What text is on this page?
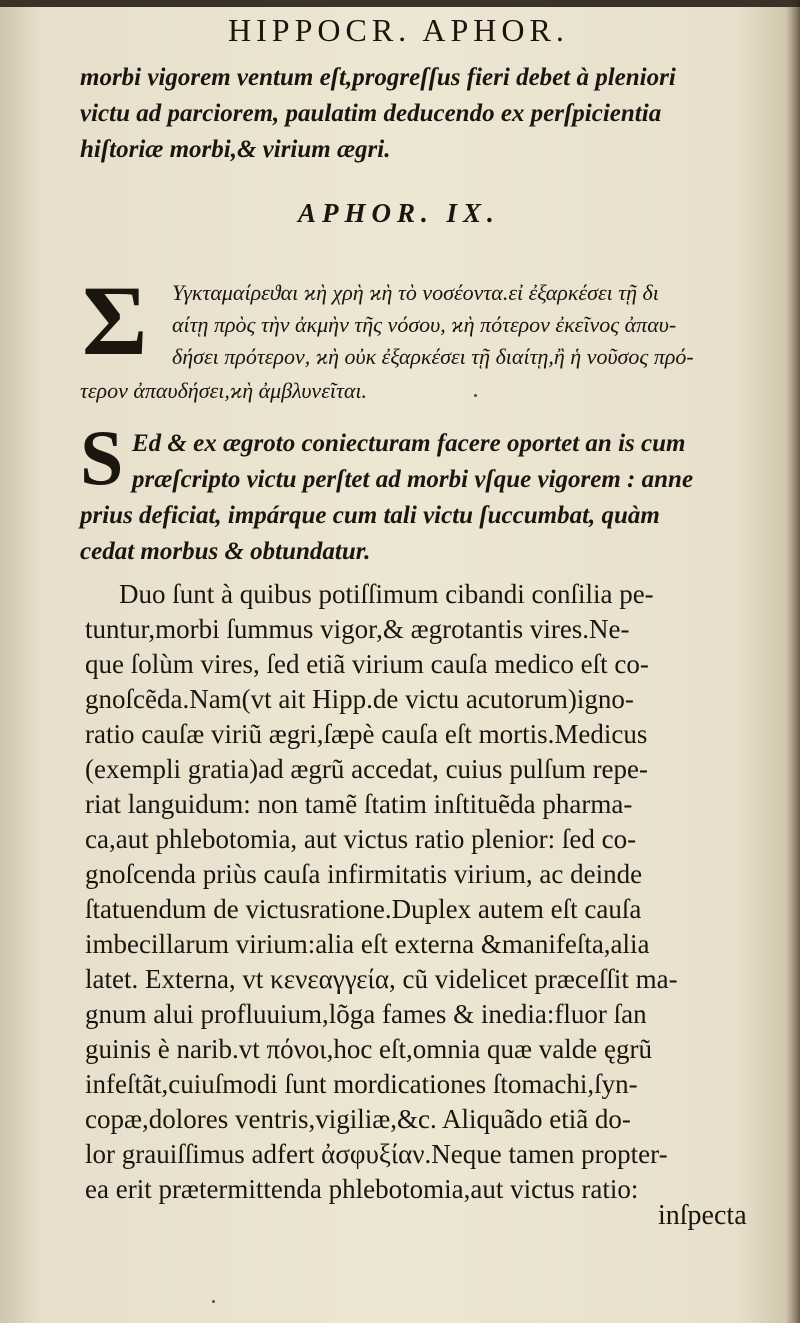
HIPPOCR. APHOR.
morbi vigorem ventum eſt,progreſſus fieri debet à pleniori
victu ad parciorem, paulatim deducendo ex perſpicientia
hiſtoriæ morbi,& virium ægri.
APHOR. IX.
Σ Υγκταμαίρεϑαι ϰὴ χρὴ ϰὴ τὸ νοσέοντα.εἰ ἐξαρκέσει τῇ δι
αίτῃ πρὸς τὴν ἀκμὴν τῆς νόσου, ϰὴ πότερον ἐκεῖνος ἀπαυ-
δήσει πρότερον, ϰὴ οὐκ ἐξαρκέσει τῇ διαίτῃ,ἢ ἡ νοῦσος πρό-
τερον ἀπαυδήσει,ϰὴ ἀμβλυνεῖται.
S Ed & ex ægroto coniecturam facere oportet an is cum
præſcripto victu perſtet ad morbi vſque vigorem : anne
prius deficiat, impárque cum tali victu ſuccumbat, quàm
cedat morbus & obtundatur.
Duo ſunt à quibus potiſſimum cibandi conſilia pe-
tuntur,morbi ſummus vigor,& ægrotantis vires.Ne-
que ſolùm vires, ſed etiã virium cauſa medico eſt co-
gnoſcẽda.Nam(vt ait Hipp.de victu acutorum)igno-
ratio cauſæ viriũ ægri,ſæpè cauſa eſt mortis.Medicus
(exempli gratia)ad ægrũ accedat, cuius pulſum repe-
riat languidum: non tamẽ ſtatim inſtituẽda pharma-
ca,aut phlebotomia, aut victus ratio plenior: ſed co-
gnoſcenda priùs cauſa infirmitatis virium, ac deinde
ſtatuendum de victusratione.Duplex autem eſt cauſa
imbecillarum virium:alia eſt externa &manifeſta,alia
latet. Externa, vt κενεαγγεία, cũ videlicet præceſſit ma-
gnum alui profluuium,lõga fames & inedia:fluor ſan
guinis è narib.vt πόνοι,hoc eſt,omnia quæ valde ęgrũ
infeſtãt,cuiuſmodi ſunt mordicationes ſtomachi,ſyn-
copæ,dolores ventris,vigiliæ,&c. Aliquãdo etiã do-
lor grauiſſimus adfert ἀσφυξίαν.Neque tamen propter-
ea erit prætermittenda phlebotomia,aut victus ratio:
inſpecta
